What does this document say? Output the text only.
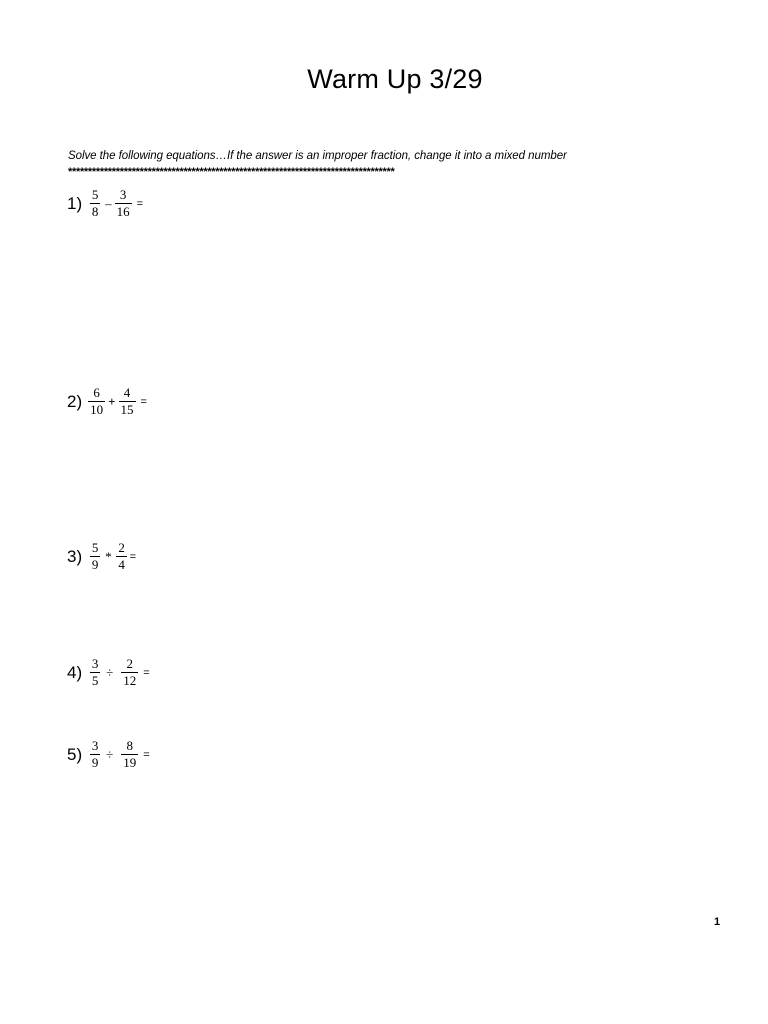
Warm Up 3/29
Solve the following equations…If the answer is an improper fraction, change it into a mixed number
**********************************************************************************
$1) \frac{5}{8} - \frac{3}{16}$ =
$2) \frac{6}{10} + \frac{4}{15}$ =
$3) \frac{5}{9} * \frac{2}{4}$ =
$4) \frac{3}{5} \div \frac{2}{12}$ =
$5) \frac{3}{9} \div \frac{8}{19}$ =
1
